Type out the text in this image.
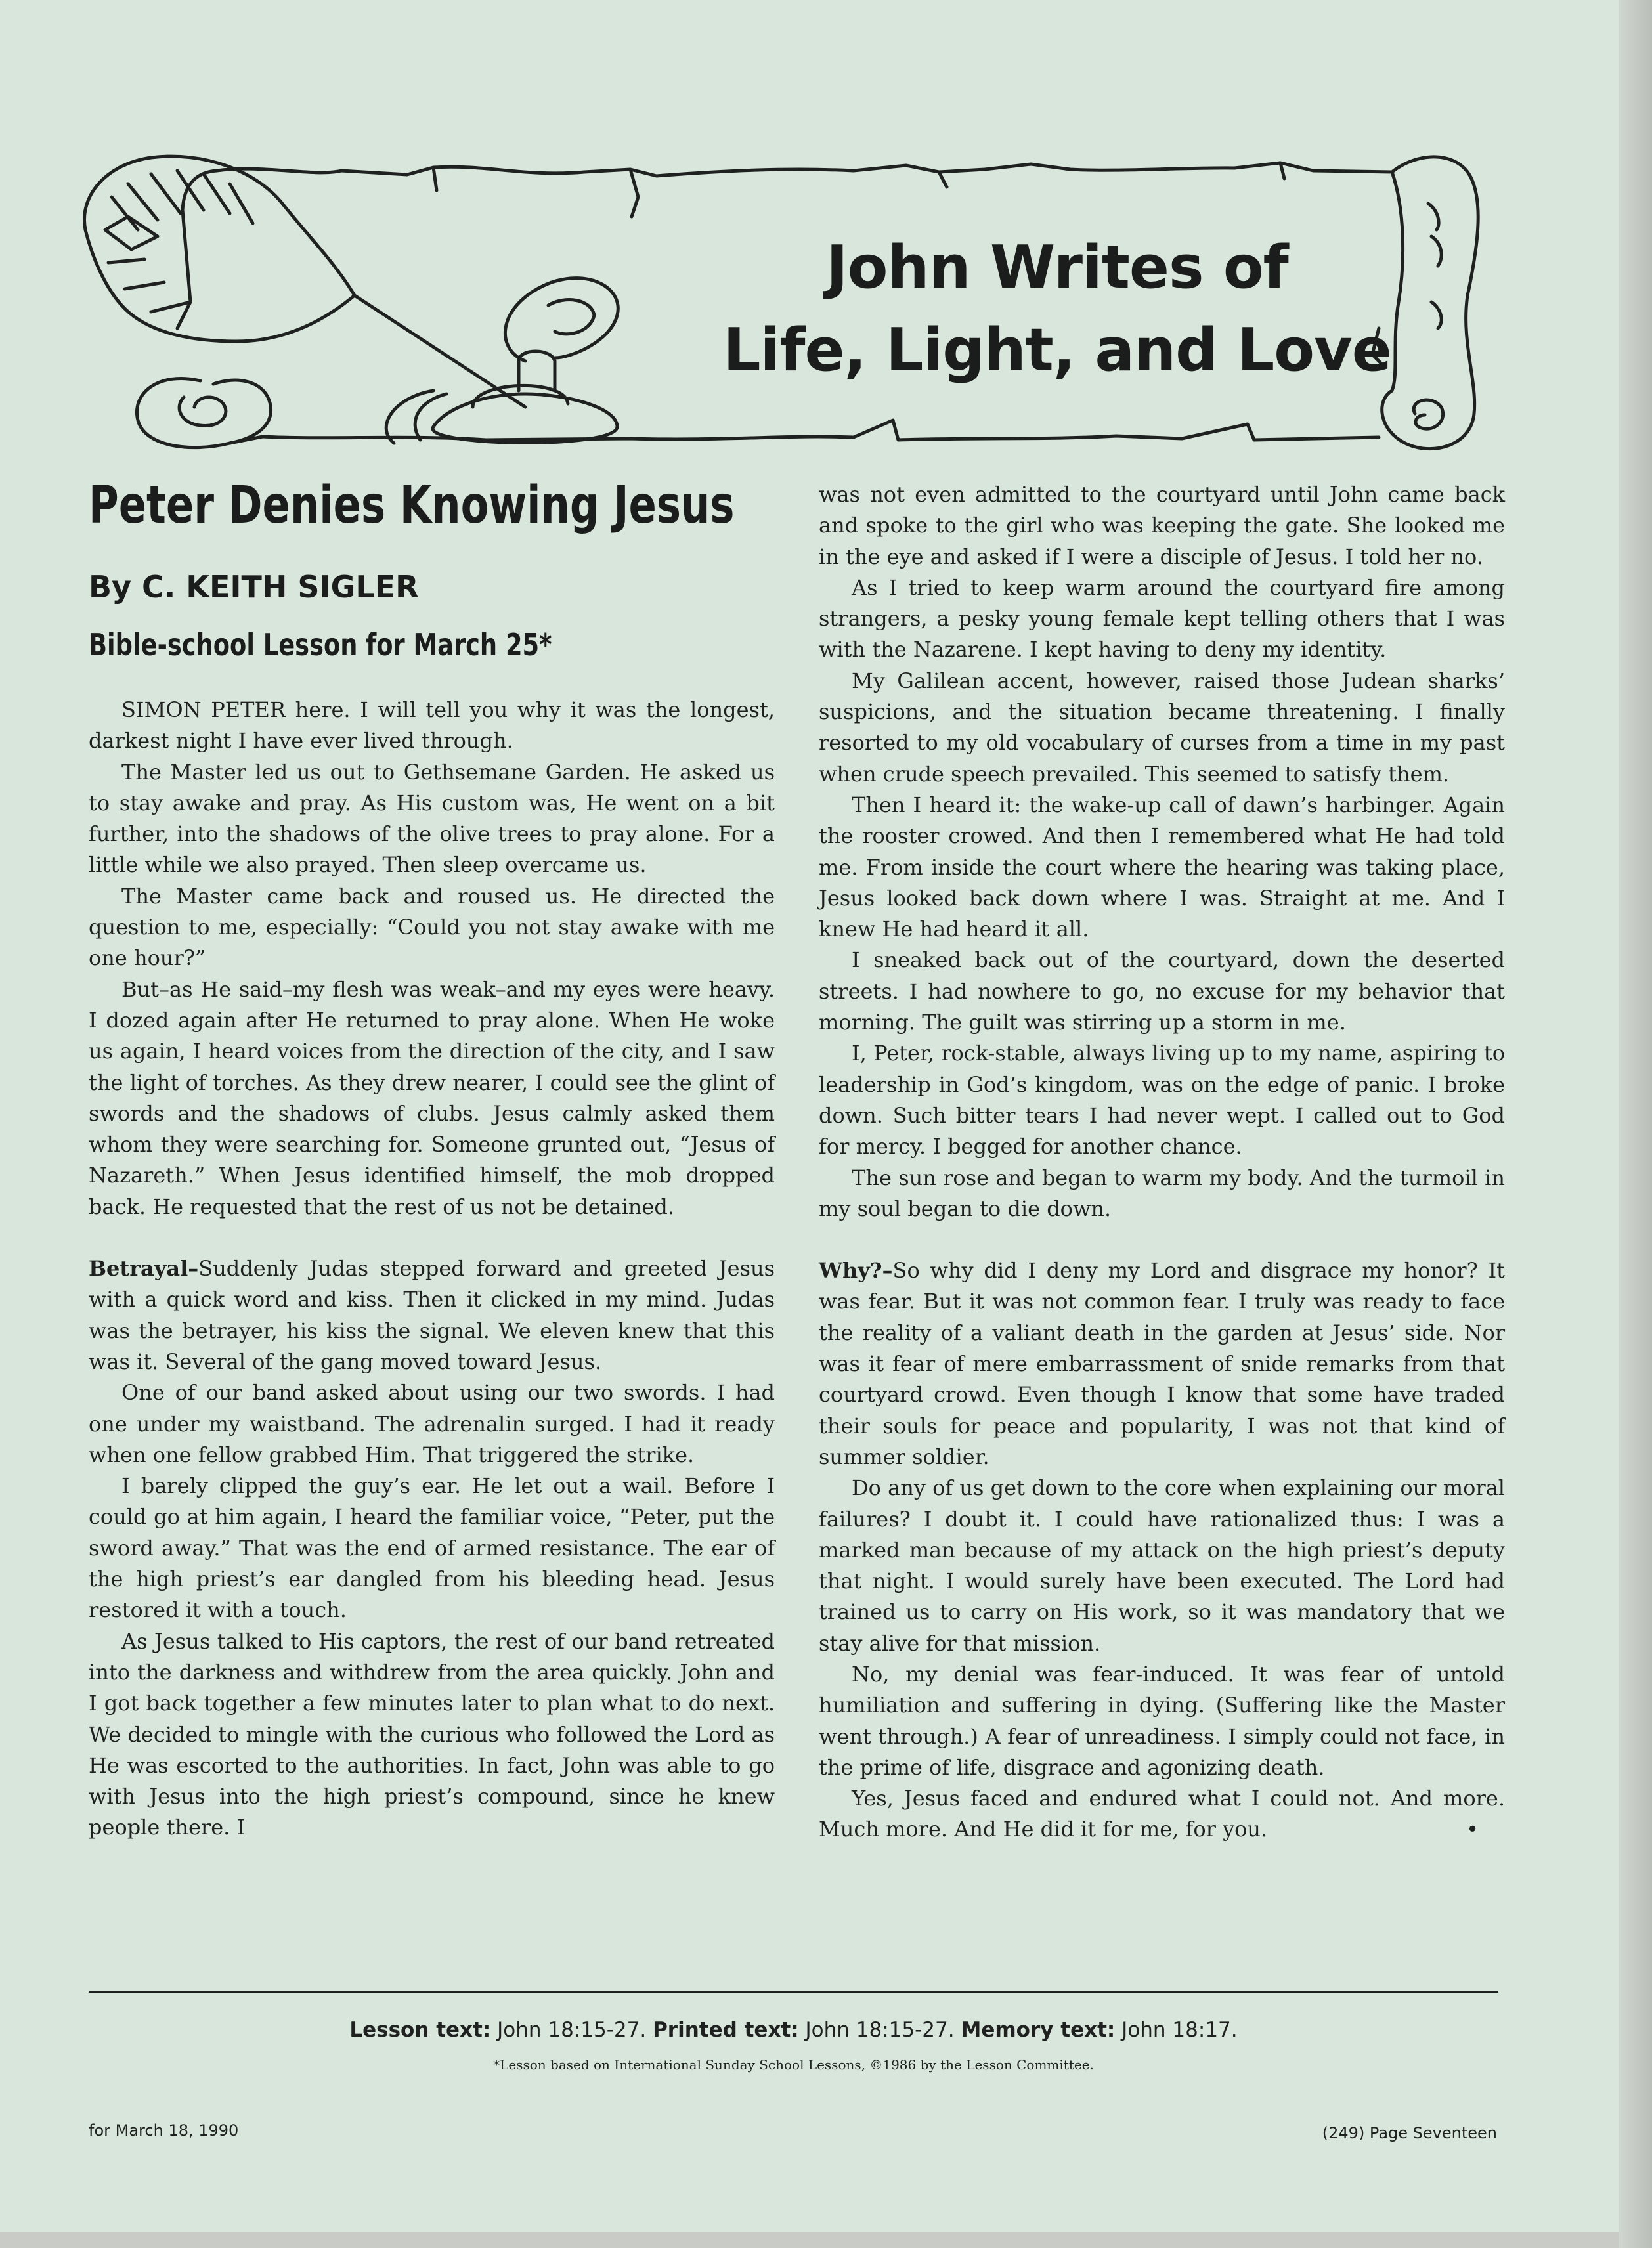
John Writes of
Life, Light, and Love
Peter Denies Knowing Jesus
By C. KEITH SIGLER
Bible-school Lesson for March 25*

SIMON PETER here. I will tell you why it was the longest, darkest night I have ever lived through.

The Master led us out to Gethsemane Garden. He asked us to stay awake and pray. As His custom was, He went on a bit further, into the shadows of the olive trees to pray alone. For a little while we also prayed. Then sleep overcame us.

The Master came back and roused us. He directed the question to me, especially: “Could you not stay awake with me one hour?”

But–as He said–my flesh was weak–and my eyes were heavy. I dozed again after He returned to pray alone. When He woke us again, I heard voices from the direction of the city, and I saw the light of torches. As they drew nearer, I could see the glint of swords and the shadows of clubs. Jesus calmly asked them whom they were searching for. Someone grunted out, “Jesus of Nazareth.” When Jesus identified himself, the mob dropped back. He requested that the rest of us not be detained.

Betrayal–Suddenly Judas stepped forward and greeted Jesus with a quick word and kiss. Then it clicked in my mind. Judas was the betrayer, his kiss the signal. We eleven knew that this was it. Several of the gang moved toward Jesus.

One of our band asked about using our two swords. I had one under my waistband. The adrenalin surged. I had it ready when one fellow grabbed Him. That triggered the strike.

I barely clipped the guy’s ear. He let out a wail. Before I could go at him again, I heard the familiar voice, “Peter, put the sword away.” That was the end of armed resistance. The ear of the high priest’s ear dangled from his bleeding head. Jesus restored it with a touch.

As Jesus talked to His captors, the rest of our band retreated into the darkness and withdrew from the area quickly. John and I got back together a few minutes later to plan what to do next. We decided to mingle with the curious who followed the Lord as He was escorted to the authorities. In fact, John was able to go with Jesus into the high priest’s compound, since he knew people there. I

was not even admitted to the courtyard until John came back and spoke to the girl who was keeping the gate. She looked me in the eye and asked if I were a disciple of Jesus. I told her no.

As I tried to keep warm around the courtyard fire among strangers, a pesky young female kept telling others that I was with the Nazarene. I kept having to deny my identity.

My Galilean accent, however, raised those Judean sharks’ suspicions, and the situation became threatening. I finally resorted to my old vocabulary of curses from a time in my past when crude speech prevailed. This seemed to satisfy them.

Then I heard it: the wake-up call of dawn’s harbinger. Again the rooster crowed. And then I remembered what He had told me. From inside the court where the hearing was taking place, Jesus looked back down where I was. Straight at me. And I knew He had heard it all.

I sneaked back out of the courtyard, down the deserted streets. I had nowhere to go, no excuse for my behavior that morning. The guilt was stirring up a storm in me.

I, Peter, rock-stable, always living up to my name, aspiring to leadership in God’s kingdom, was on the edge of panic. I broke down. Such bitter tears I had never wept. I called out to God for mercy. I begged for another chance.

The sun rose and began to warm my body. And the turmoil in my soul began to die down.

Why?–So why did I deny my Lord and disgrace my honor? It was fear. But it was not common fear. I truly was ready to face the reality of a valiant death in the garden at Jesus’ side. Nor was it fear of mere embarrassment of snide remarks from that courtyard crowd. Even though I know that some have traded their souls for peace and popularity, I was not that kind of summer soldier.

Do any of us get down to the core when explaining our moral failures? I doubt it. I could have rationalized thus: I was a marked man because of my attack on the high priest’s deputy that night. I would surely have been executed. The Lord had trained us to carry on His work, so it was mandatory that we stay alive for that mission.

No, my denial was fear-induced. It was fear of untold humiliation and suffering in dying. (Suffering like the Master went through.) A fear of unreadiness. I simply could not face, in the prime of life, disgrace and agonizing death.

Yes, Jesus faced and endured what I could not. And more. Much more. And He did it for me, for you.	•

Lesson text: John 18:15-27. Printed text: John 18:15-27. Memory text: John 18:17.
*Lesson based on International Sunday School Lessons, ©1986 by the Lesson Committee.
for March 18, 1990	(249) Page Seventeen
